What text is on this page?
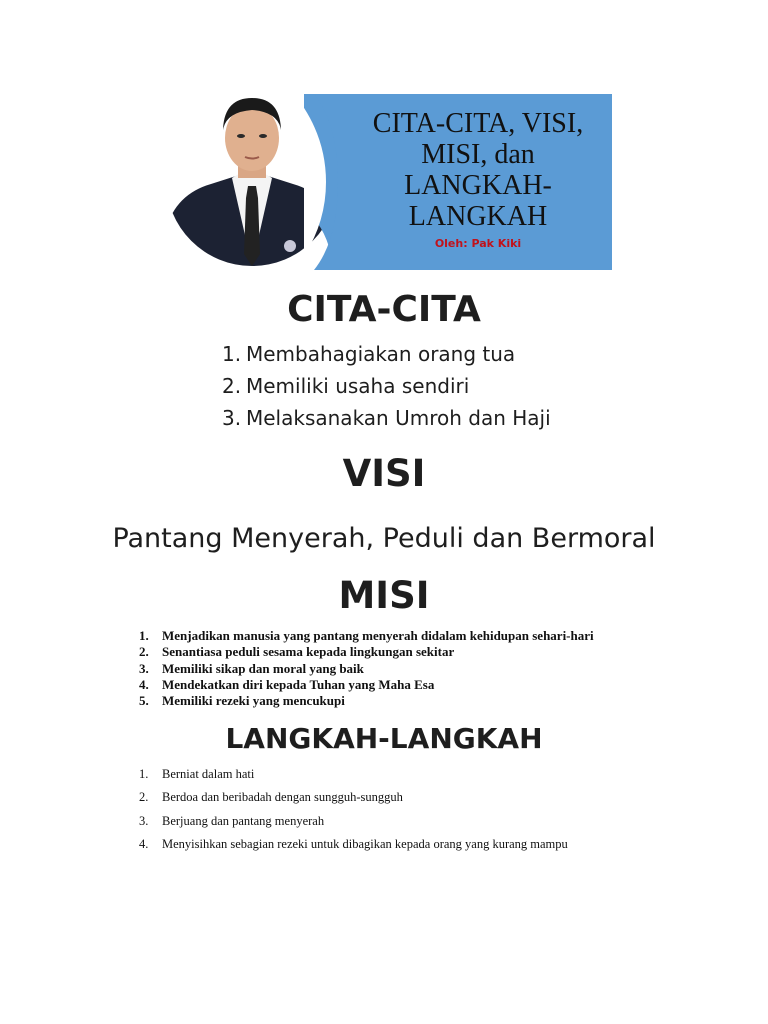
CITA-CITA, VISI,
MISI, dan
LANGKAH-
LANGKAH
Oleh: Pak Kiki
CITA-CITA
1. Membahagiakan orang tua
2. Memiliki usaha sendiri
3. Melaksanakan Umroh dan Haji
VISI
Pantang Menyerah, Peduli dan Bermoral
MISI
1. Menjadikan manusia yang pantang menyerah didalam kehidupan sehari-hari
2. Senantiasa peduli sesama kepada lingkungan sekitar
3. Memiliki sikap dan moral yang baik
4. Mendekatkan diri kepada Tuhan yang Maha Esa
5. Memiliki rezeki yang mencukupi
LANGKAH-LANGKAH
1. Berniat dalam hati
2. Berdoa dan beribadah dengan sungguh-sungguh
3. Berjuang dan pantang menyerah
4. Menyisihkan sebagian rezeki untuk dibagikan kepada orang yang kurang mampu
